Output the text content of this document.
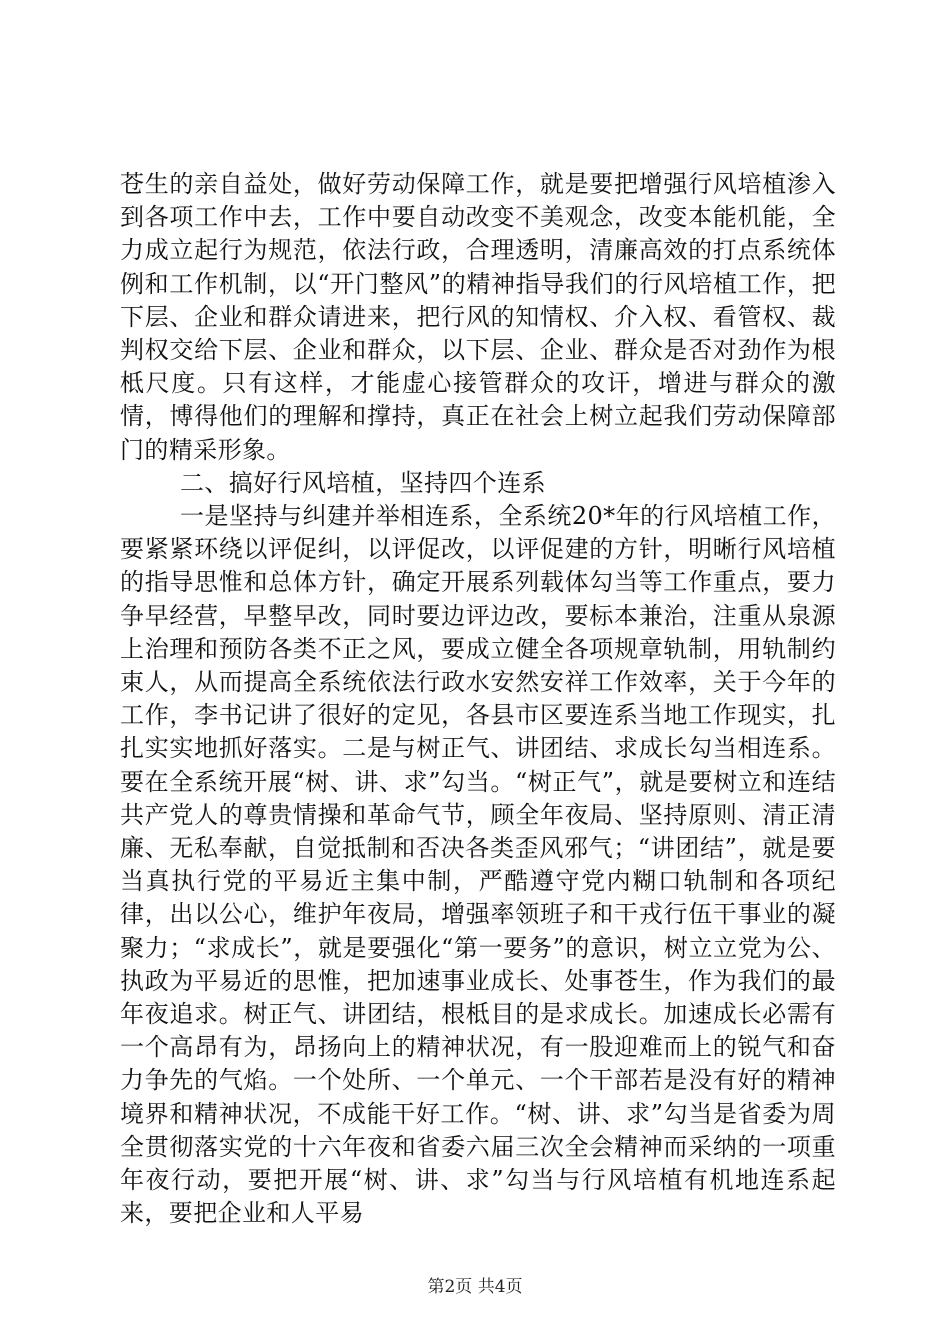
苍生的亲自益处，做好劳动保障工作，就是要把增强行风培植渗入到各项工作中去，工作中要自动改变不美观念，改变本能机能，全力成立起行为规范，依法行政，合理透明，清廉高效的打点系统体例和工作机制，以“开门整风”的精神指导我们的行风培植工作，把下层、企业和群众请进来，把行风的知情权、介入权、看管权、裁判权交给下层、企业和群众，以下层、企业、群众是否对劲作为根柢尺度。只有这样，才能虚心接管群众的攻讦，增进与群众的激情，博得他们的理解和撑持，真正在社会上树立起我们劳动保障部门的精采形象。

二、搞好行风培植，坚持四个连系

一是坚持与纠建并举相连系，全系统20*年的行风培植工作，要紧紧环绕以评促纠，以评促改，以评促建的方针，明晰行风培植的指导思惟和总体方针，确定开展系列载体勾当等工作重点，要力争早经营，早整早改，同时要边评边改，要标本兼治，注重从泉源上治理和预防各类不正之风，要成立健全各项规章轨制，用轨制约束人，从而提高全系统依法行政水安然安祥工作效率，关于今年的工作，李书记讲了很好的定见，各县市区要连系当地工作现实，扎扎实实地抓好落实。二是与树正气、讲团结、求成长勾当相连系。要在全系统开展“树、讲、求”勾当。“树正气”，就是要树立和连结共产党人的尊贵情操和革命气节，顾全年夜局、坚持原则、清正清廉、无私奉献，自觉抵制和否决各类歪风邪气；“讲团结”，就是要当真执行党的平易近主集中制，严酷遵守党内糊口轨制和各项纪律，出以公心，维护年夜局，增强率领班子和干戎行伍干事业的凝聚力；“求成长”，就是要强化“第一要务”的意识，树立立党为公、执政为平易近的思惟，把加速事业成长、处事苍生，作为我们的最年夜追求。树正气、讲团结，根柢目的是求成长。加速成长必需有一个高昂有为，昂扬向上的精神状况，有一股迎难而上的锐气和奋力争先的气焰。一个处所、一个单元、一个干部若是没有好的精神境界和精神状况，不成能干好工作。“树、讲、求”勾当是省委为周全贯彻落实党的十六年夜和省委六届三次全会精神而采纳的一项重年夜行动，要把开展“树、讲、求”勾当与行风培植有机地连系起来，要把企业和人平易

第2页 共4页
